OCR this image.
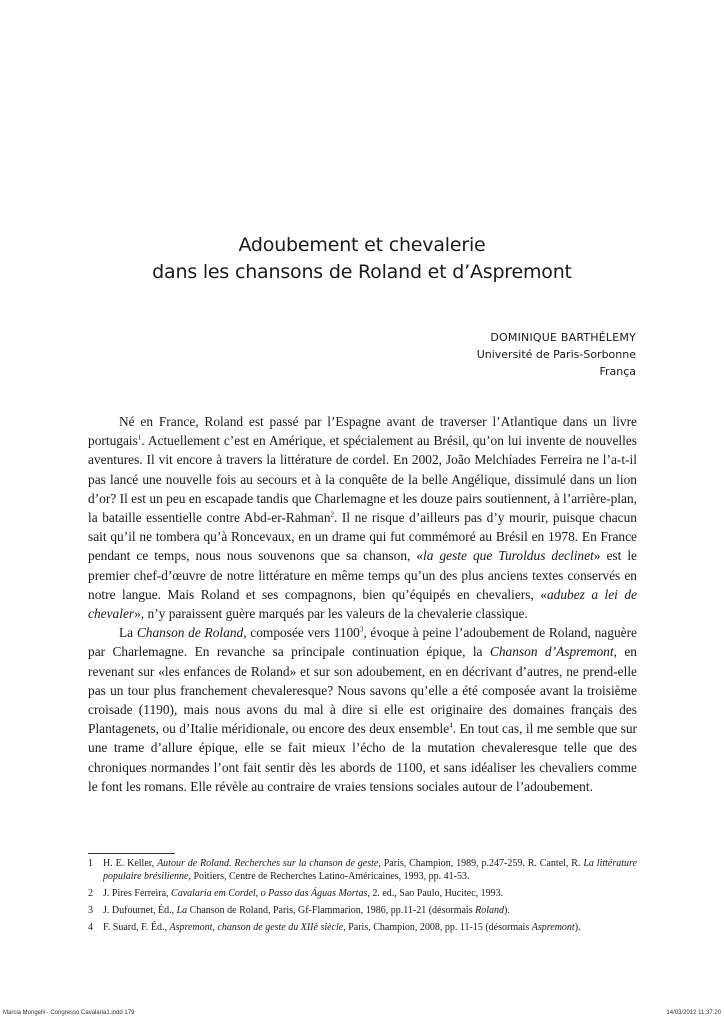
Adoubement et chevalerie
dans les chansons de Roland et d’Aspremont
DOMINIQUE BARTHÉLEMY
Université de Paris-Sorbonne
França

Né en France, Roland est passé par l’Espagne avant de traverser l’Atlantique dans un livre portugais$^1$. Actuellement c’est en Amérique, et spécialement au Brésil, qu’on lui invente de nouvelles aventures. Il vit encore à travers la littérature de cordel. En 2002, João Melchíades Ferreira ne l’a-t-il pas lancé une nouvelle fois au secours et à la conquête de la belle Angélique, dissimulé dans un lion d’or? Il est un peu en escapade tandis que Charlemagne et les douze pairs soutiennent, à l’arrière-plan, la bataille essentielle contre Abd-er-Rahman$^2$. Il ne risque d’ailleurs pas d’y mourir, puisque chacun sait qu’il ne tombera qu’à Roncevaux, en un drame qui fut commémoré au Brésil en 1978. En France pendant ce temps, nous nous souvenons que sa chanson, «la geste que Turoldus declinet» est le premier chef-d’œuvre de notre littérature en même temps qu’un des plus anciens textes conservés en notre langue. Mais Roland et ses compagnons, bien qu’équipés en chevaliers, «adubez a lei de chevaler», n’y paraissent guère marqués par les valeurs de la chevalerie classique.

La Chanson de Roland, composée vers 1100$^3$, évoque à peine l’adoubement de Roland, naguère par Charlemagne. En revanche sa principale continuation épique, la Chanson d’Aspremont, en revenant sur «les enfances de Roland» et sur son adoubement, en en décrivant d’autres, ne prend-elle pas un tour plus franchement chevaleresque? Nous savons qu’elle a été composée avant la troisième croisade (1190), mais nous avons du mal à dire si elle est originaire des domaines français des Plantagenets, ou d’Italie méridionale, ou encore des deux ensemble$^4$. En tout cas, il me semble que sur une trame d’allure épique, elle se fait mieux l’écho de la mutation chevaleresque telle que des chroniques normandes l’ont fait sentir dès les abords de 1100, et sans idéaliser les chevaliers comme le font les romans. Elle révèle au contraire de vraies tensions sociales autour de l’adoubement.

1 H. E. Keller, Autour de Roland. Recherches sur la chanson de geste, Paris, Champion, 1989, p.247-259. R. Cantel, R. La littérature populaire brésilienne, Poitiers, Centre de Recherches Latino-Américaines, 1993, pp. 41-53.
2 J. Pires Ferreira, Cavalaria em Cordel, o Passo das Águas Mortas, 2. ed., Sao Paulo, Hucitec, 1993.
3 J. Dufournet, Éd., La Chanson de Roland, Paris, Gf-Flammarion, 1986, pp.11-21 (désormais Roland).
4 F. Suard, F. Éd., Aspremont, chanson de geste du XIIè siècle, Paris, Champion, 2008, pp. 11-15 (désormais Aspremont).
Marcia Mongelli - Congresso Cavalaria1.indd 179	14/03/2012 11:37:20
